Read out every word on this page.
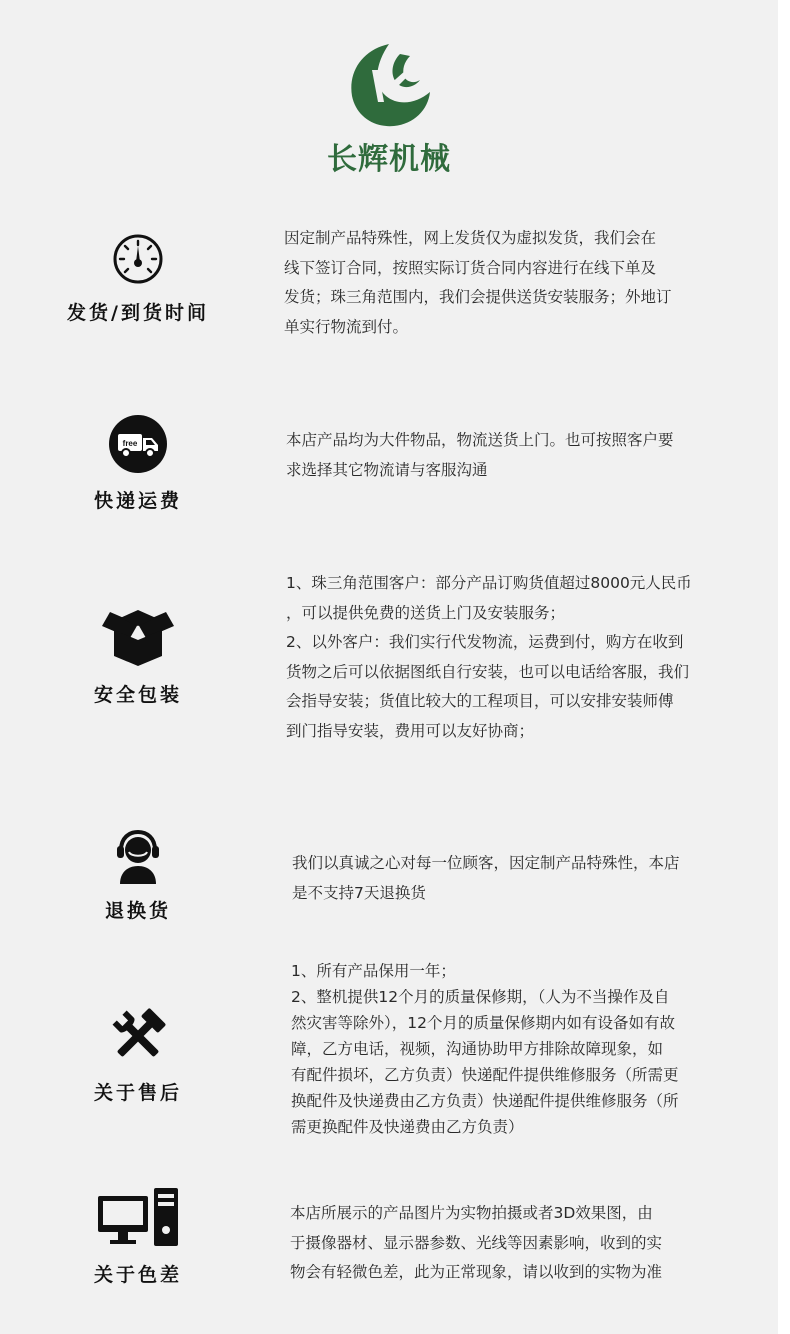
长辉机械
发货/到货时间

因定制产品特殊性，网上发货仅为虚拟发货，我们会在

线下签订合同，按照实际订货合同内容进行在线下单及

发货；珠三角范围内，我们会提供送货安装服务；外地订

单实行物流到付。

free
快递运费

本店产品均为大件物品，物流送货上门。也可按照客户要

求选择其它物流请与客服沟通

安全包装

1、珠三角范围客户：部分产品订购货值超过8000元人民币

，可以提供免费的送货上门及安装服务；

2、以外客户：我们实行代发物流，运费到付，购方在收到

货物之后可以依据图纸自行安装，也可以电话给客服，我们

会指导安装；货值比较大的工程项目，可以安排安装师傅

到门指导安装，费用可以友好协商；

退换货

我们以真诚之心对每一位顾客，因定制产品特殊性，本店

是不支持7天退换货

关于售后

1、所有产品保用一年；

2、整机提供12个月的质量保修期，（人为不当操作及自

然灾害等除外），12个月的质量保修期内如有设备如有故

障，乙方电话，视频，沟通协助甲方排除故障现象，如

有配件损坏，乙方负责）快递配件提供维修服务（所需更

换配件及快递费由乙方负责）快递配件提供维修服务（所

需更换配件及快递费由乙方负责）

关于色差

本店所展示的产品图片为实物拍摄或者3D效果图，由

于摄像器材、显示器参数、光线等因素影响，收到的实

物会有轻微色差，此为正常现象，请以收到的实物为准
